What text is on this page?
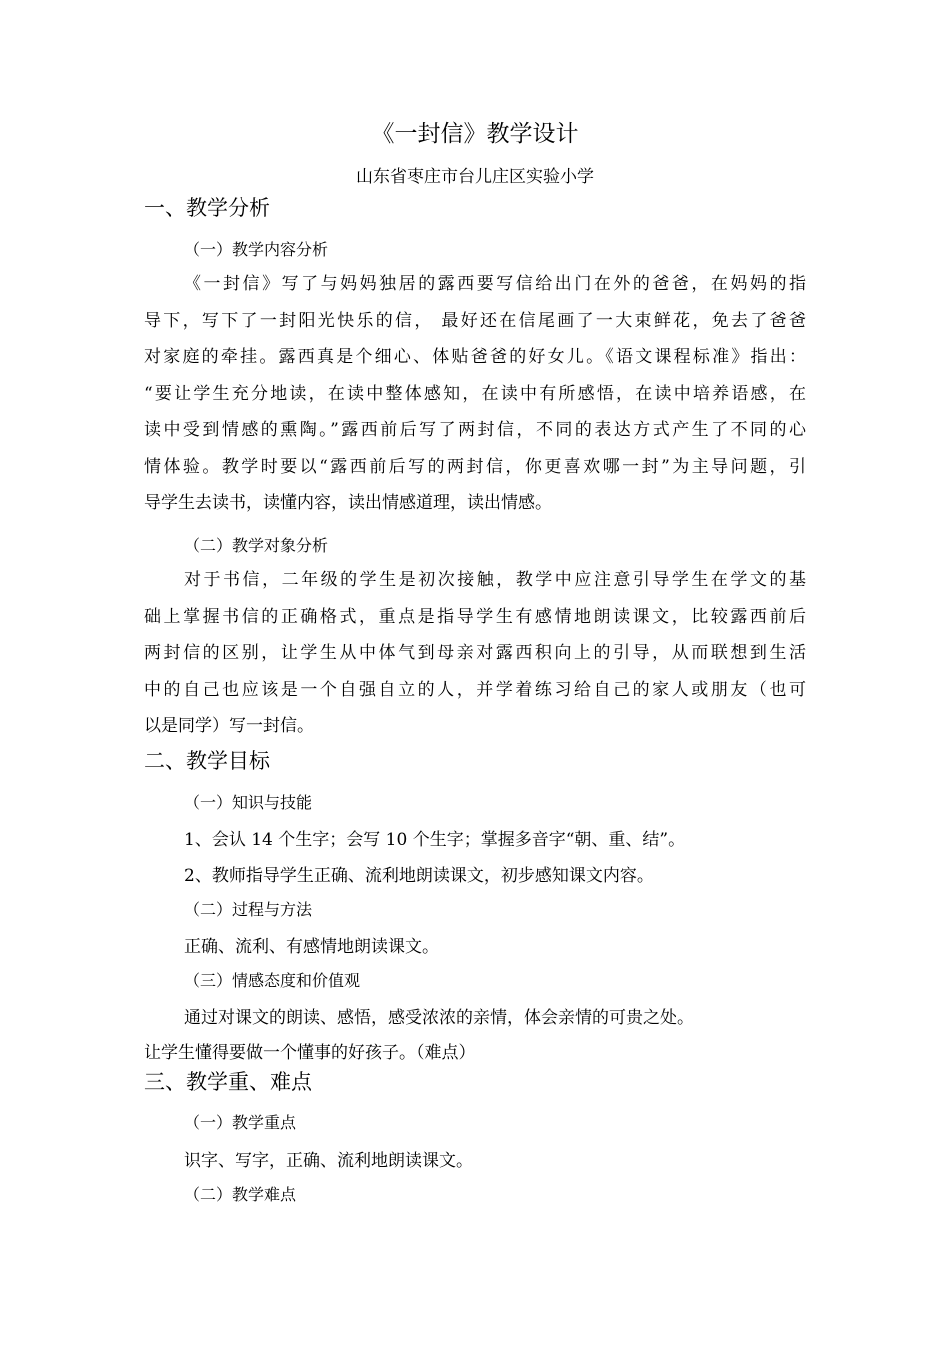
《一封信》教学设计
山东省枣庄市台儿庄区实验小学
一、教学分析
（一）教学内容分析
《一封信》写了与妈妈独居的露西要写信给出门在外的爸爸，在妈妈的指
导下，写下了一封阳光快乐的信， 最好还在信尾画了一大束鲜花，免去了爸爸
对家庭的牵挂。露西真是个细心、体贴爸爸的好女儿。《语文课程标准》指出：
“要让学生充分地读，在读中整体感知，在读中有所感悟，在读中培养语感，在
读中受到情感的熏陶。”露西前后写了两封信，不同的表达方式产生了不同的心
情体验。教学时要以“露西前后写的两封信，你更喜欢哪一封”为主导问题，引
导学生去读书，读懂内容，读出情感道理，读出情感。
（二）教学对象分析
对于书信，二年级的学生是初次接触，教学中应注意引导学生在学文的基
础上掌握书信的正确格式，重点是指导学生有感情地朗读课文，比较露西前后
两封信的区别，让学生从中体气到母亲对露西积向上的引导，从而联想到生活
中的自己也应该是一个自强自立的人，并学着练习给自己的家人或朋友（也可
以是同学）写一封信。
二、教学目标
（一）知识与技能
1、会认 14 个生字；会写 10 个生字；掌握多音字“朝、重、结”。
2、教师指导学生正确、流利地朗读课文，初步感知课文内容。
（二）过程与方法
正确、流利、有感情地朗读课文。
（三）情感态度和价值观
通过对课文的朗读、感悟，感受浓浓的亲情，体会亲情的可贵之处。
让学生懂得要做一个懂事的好孩子。（难点）
三、教学重、难点
（一）教学重点
识字、写字，正确、流利地朗读课文。
（二）教学难点
